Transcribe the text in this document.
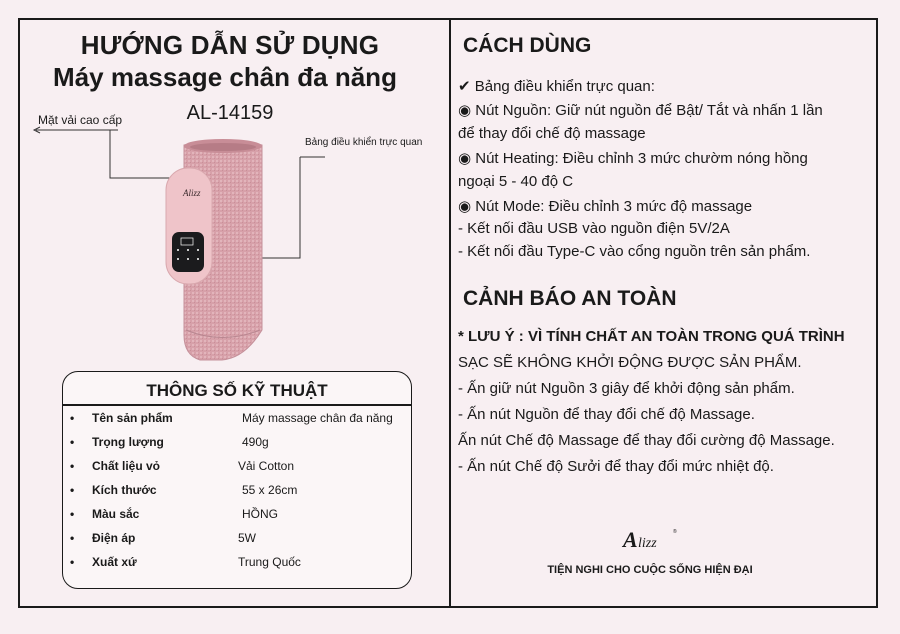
HƯỚNG DẪN SỬ DỤNG
Máy massage chân đa năng
AL-14159
Mặt vải cao cấp
Bảng điều khiển trực quan
Alizz
THÔNG SỐ KỸ THUẬT
• Tên sản phẩm	Máy massage chân đa năng
• Trọng lượng	490g
• Chất liệu vỏ	Vải Cotton
• Kích thước	55 x 26cm
• Màu sắc	HỒNG
• Điện áp	5W
• Xuất xứ	Trung Quốc
CÁCH DÙNG
✔ Bảng điều khiển trực quan:
◉ Nút Nguồn: Giữ nút nguồn để Bật/ Tắt và nhấn 1 lần
để thay đổi chế độ massage
◉ Nút Heating: Điều chỉnh 3 mức chườm nóng hồng
ngoại 5 - 40 độ C
◉ Nút Mode: Điều chỉnh 3 mức độ massage
- Kết nối đầu USB vào nguồn điện 5V/2A
- Kết nối đầu Type-C vào cổng nguồn trên sản phẩm.
CẢNH BÁO AN TOÀN
* LƯU Ý : VÌ TÍNH CHẤT AN TOÀN TRONG QUÁ TRÌNH
SẠC SẼ KHÔNG KHỞI ĐỘNG ĐƯỢC SẢN PHẨM.
- Ấn giữ nút Nguồn 3 giây để khởi động sản phẩm.
- Ấn nút Nguồn để thay đổi chế độ Massage.
Ấn nút Chế độ Massage để thay đổi cường độ Massage.
- Ấn nút Chế độ Sưởi để thay đổi mức nhiệt độ.
A lizz
®
TIỆN NGHI CHO CUỘC SỐNG HIỆN ĐẠI
